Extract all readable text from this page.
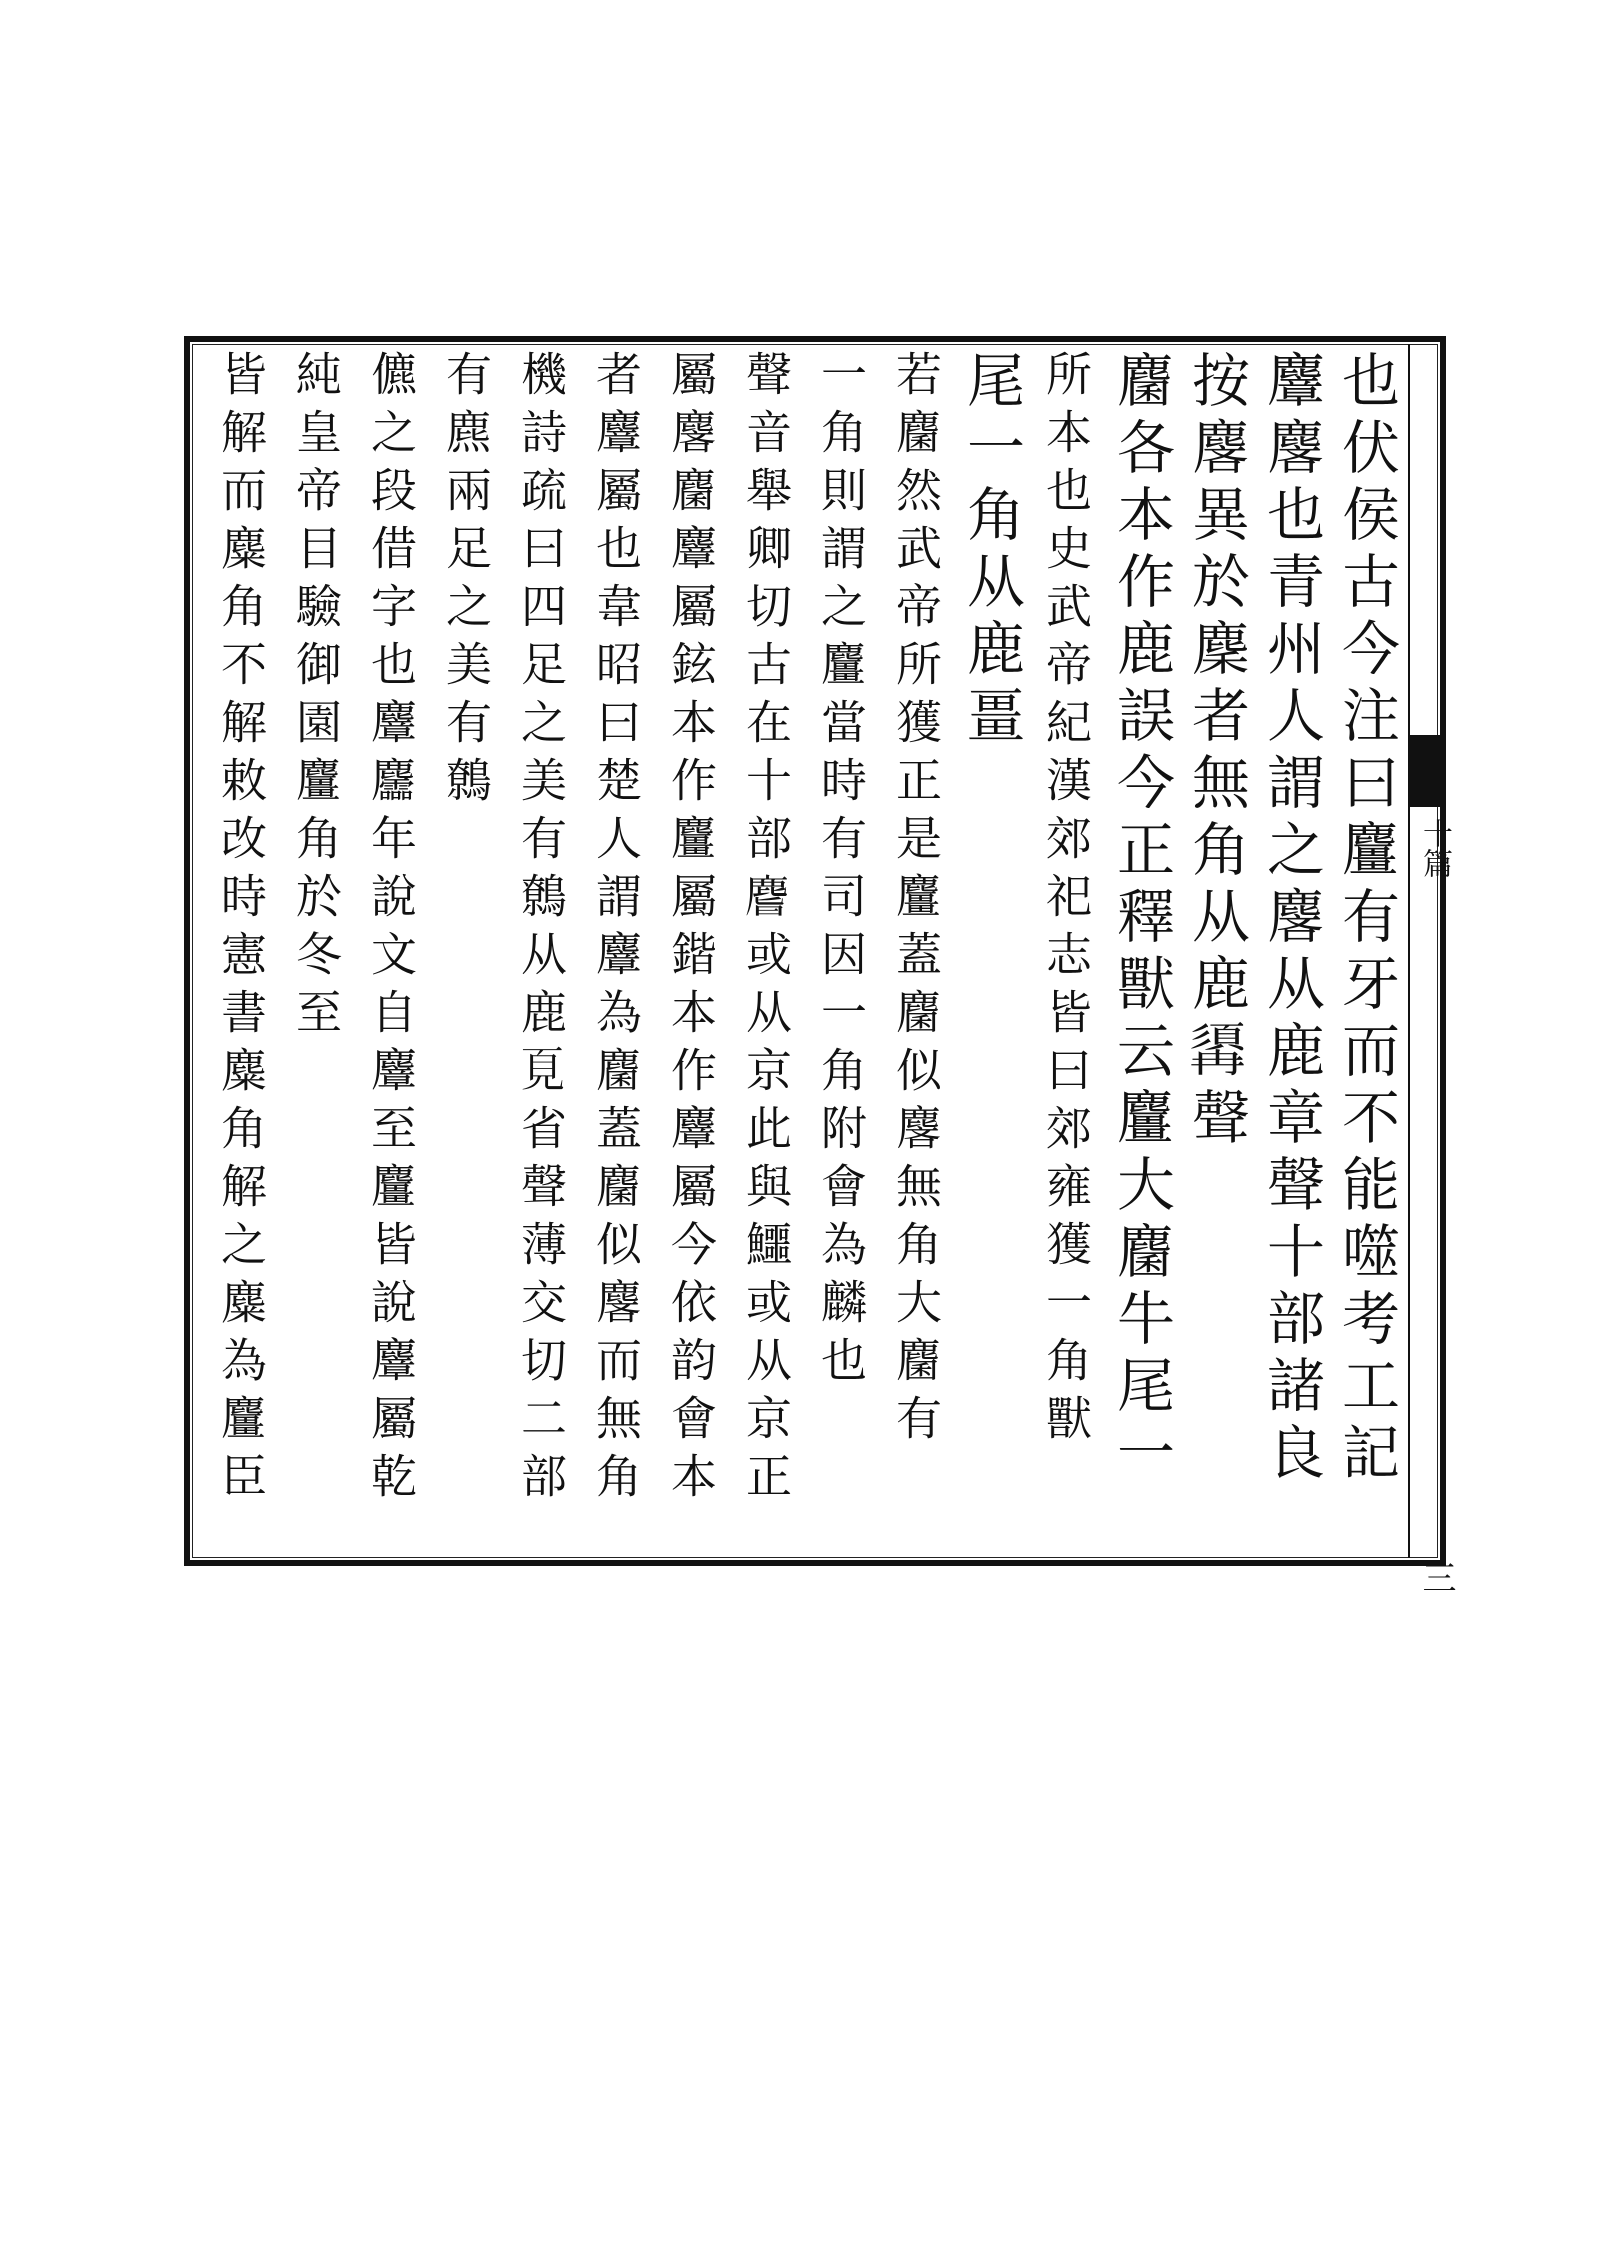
也伏侯古今注曰麠有牙而不能噬考工記
麞麐也青州人謂之麐从鹿章聲十部諸良
按麐異於麇者無角从鹿𩓾聲
麕各本作鹿誤今正釋獸云麠大麕牛尾一
所本也史武帝紀漢郊祀志皆曰郊雍獲一角獸
尾一角从鹿畺
若麕然武帝所獲正是麠蓋麕似麐無角大麕有
一角則謂之麠當時有司因一角附會為麟也
聲音舉卿切古在十部𪊨或从京此與鱷或从京正
屬麐麕麞屬鉉本作麠屬鍇本作麞屬今依韵會本
者麞屬也韋昭曰楚人謂麞為麕蓋麕似麐而無角
機詩疏曰四足之美有鷯从鹿𩑋省聲薄交切二部
有麃兩足之美有鷯
儦之段借字也麞麢年說文自麞至麠皆說麞屬乾
純皇帝目驗御園麠角於冬至
皆解而麋角不解敕改時憲書麋角解之麋為麠臣
十篇
三
